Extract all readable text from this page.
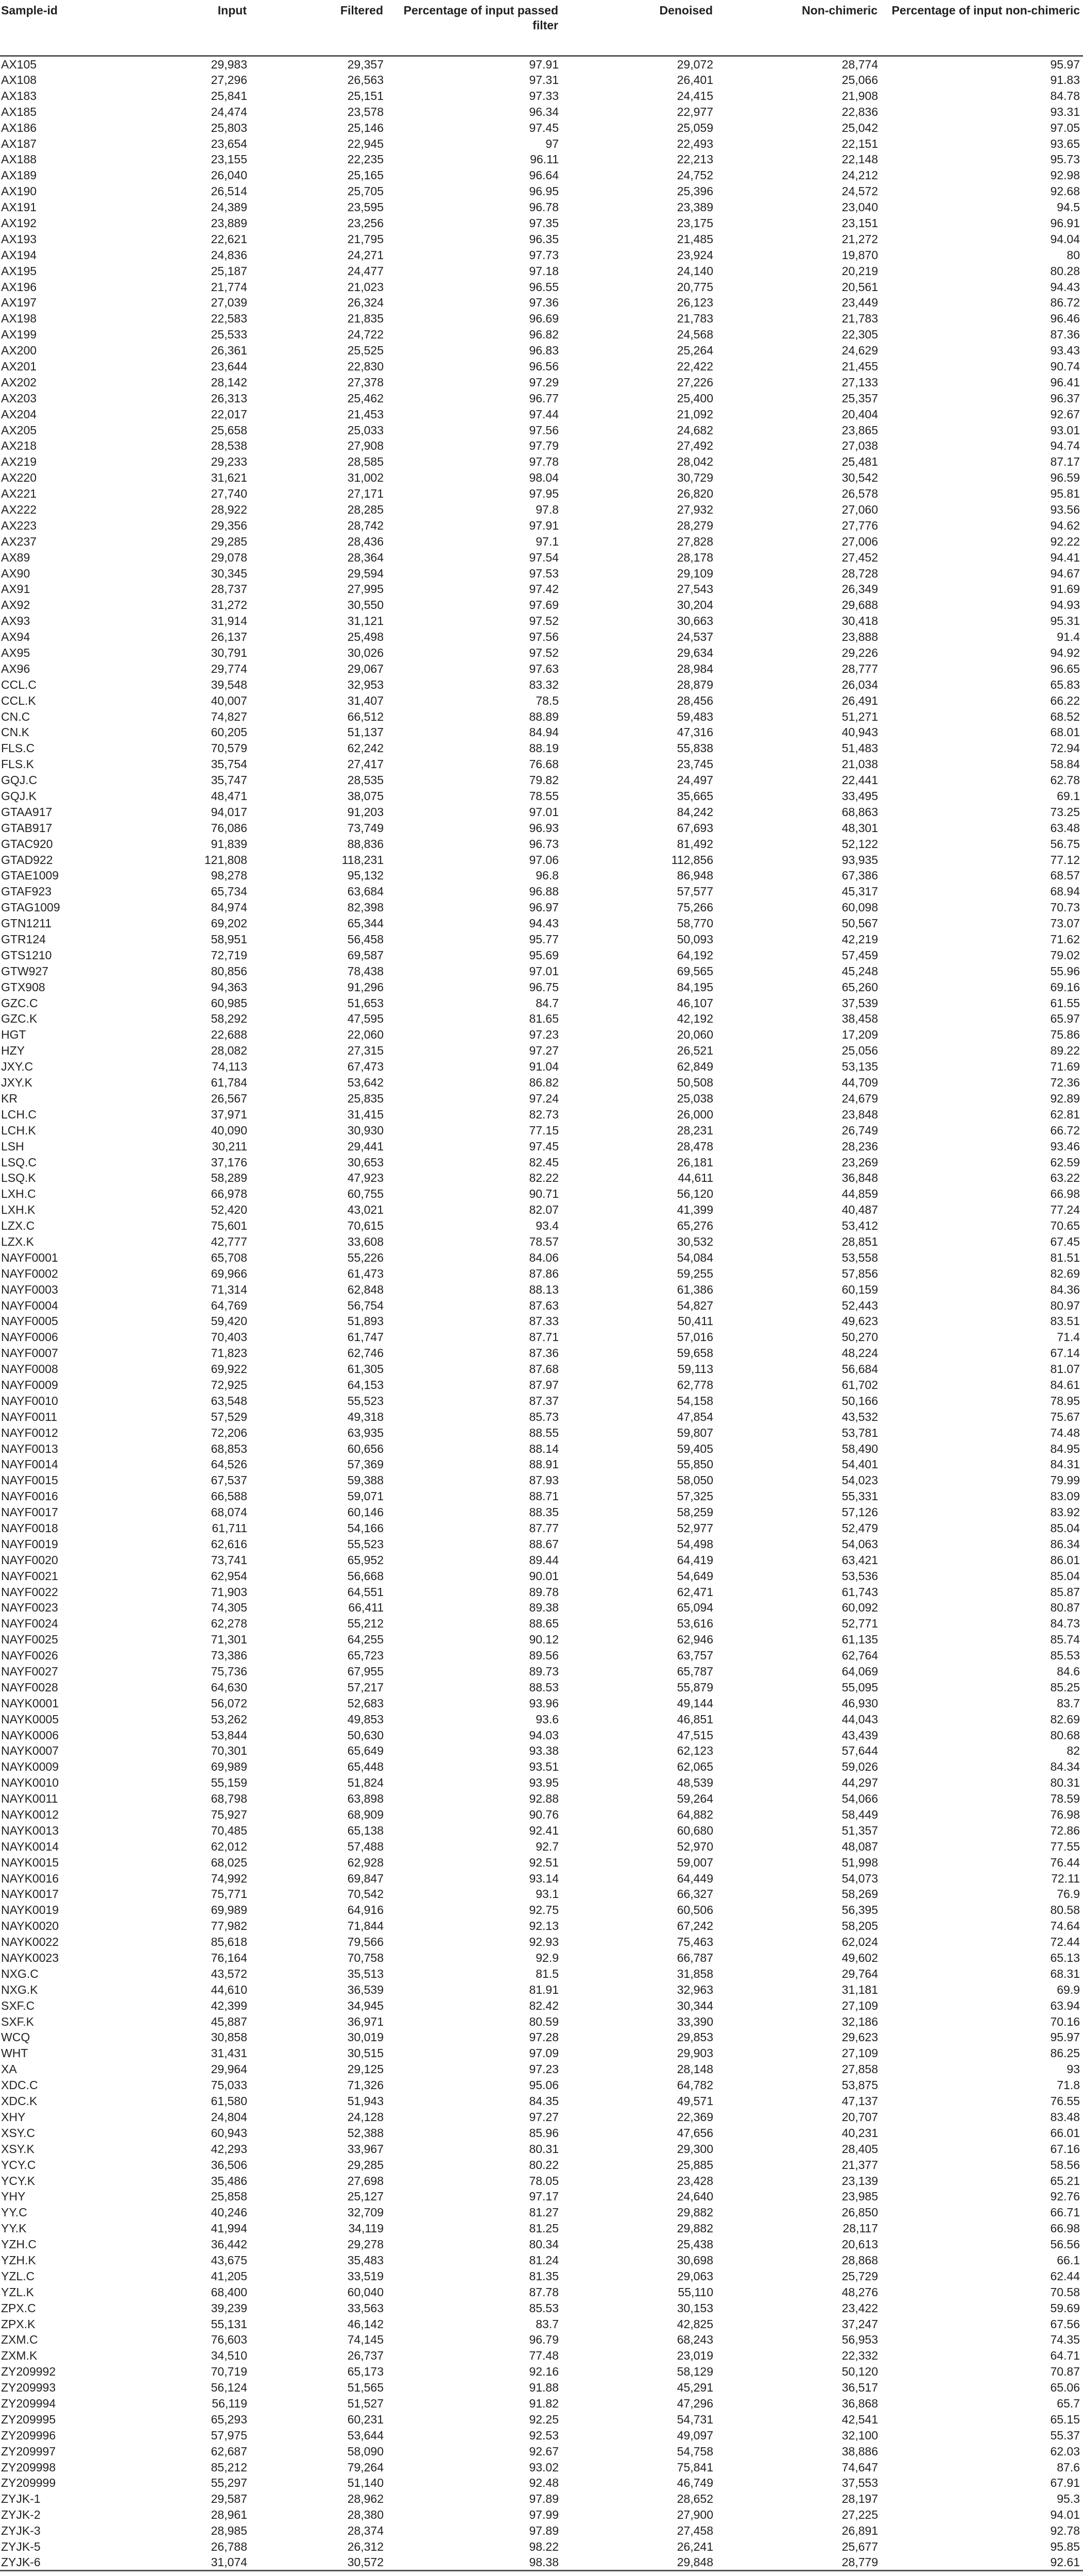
Sample-id	Input	Filtered	Percentage of input passed filter	Denoised	Non-chimeric	Percentage of input non-chimeric
AX105	29,983	29,357	97.91	29,072	28,774	95.97
AX108	27,296	26,563	97.31	26,401	25,066	91.83
AX183	25,841	25,151	97.33	24,415	21,908	84.78
AX185	24,474	23,578	96.34	22,977	22,836	93.31
AX186	25,803	25,146	97.45	25,059	25,042	97.05
AX187	23,654	22,945	97	22,493	22,151	93.65
AX188	23,155	22,235	96.11	22,213	22,148	95.73
AX189	26,040	25,165	96.64	24,752	24,212	92.98
AX190	26,514	25,705	96.95	25,396	24,572	92.68
AX191	24,389	23,595	96.78	23,389	23,040	94.5
AX192	23,889	23,256	97.35	23,175	23,151	96.91
AX193	22,621	21,795	96.35	21,485	21,272	94.04
AX194	24,836	24,271	97.73	23,924	19,870	80
AX195	25,187	24,477	97.18	24,140	20,219	80.28
AX196	21,774	21,023	96.55	20,775	20,561	94.43
AX197	27,039	26,324	97.36	26,123	23,449	86.72
AX198	22,583	21,835	96.69	21,783	21,783	96.46
AX199	25,533	24,722	96.82	24,568	22,305	87.36
AX200	26,361	25,525	96.83	25,264	24,629	93.43
AX201	23,644	22,830	96.56	22,422	21,455	90.74
AX202	28,142	27,378	97.29	27,226	27,133	96.41
AX203	26,313	25,462	96.77	25,400	25,357	96.37
AX204	22,017	21,453	97.44	21,092	20,404	92.67
AX205	25,658	25,033	97.56	24,682	23,865	93.01
AX218	28,538	27,908	97.79	27,492	27,038	94.74
AX219	29,233	28,585	97.78	28,042	25,481	87.17
AX220	31,621	31,002	98.04	30,729	30,542	96.59
AX221	27,740	27,171	97.95	26,820	26,578	95.81
AX222	28,922	28,285	97.8	27,932	27,060	93.56
AX223	29,356	28,742	97.91	28,279	27,776	94.62
AX237	29,285	28,436	97.1	27,828	27,006	92.22
AX89	29,078	28,364	97.54	28,178	27,452	94.41
AX90	30,345	29,594	97.53	29,109	28,728	94.67
AX91	28,737	27,995	97.42	27,543	26,349	91.69
AX92	31,272	30,550	97.69	30,204	29,688	94.93
AX93	31,914	31,121	97.52	30,663	30,418	95.31
AX94	26,137	25,498	97.56	24,537	23,888	91.4
AX95	30,791	30,026	97.52	29,634	29,226	94.92
AX96	29,774	29,067	97.63	28,984	28,777	96.65
CCL.C	39,548	32,953	83.32	28,879	26,034	65.83
CCL.K	40,007	31,407	78.5	28,456	26,491	66.22
CN.C	74,827	66,512	88.89	59,483	51,271	68.52
CN.K	60,205	51,137	84.94	47,316	40,943	68.01
FLS.C	70,579	62,242	88.19	55,838	51,483	72.94
FLS.K	35,754	27,417	76.68	23,745	21,038	58.84
GQJ.C	35,747	28,535	79.82	24,497	22,441	62.78
GQJ.K	48,471	38,075	78.55	35,665	33,495	69.1
GTAA917	94,017	91,203	97.01	84,242	68,863	73.25
GTAB917	76,086	73,749	96.93	67,693	48,301	63.48
GTAC920	91,839	88,836	96.73	81,492	52,122	56.75
GTAD922	121,808	118,231	97.06	112,856	93,935	77.12
GTAE1009	98,278	95,132	96.8	86,948	67,386	68.57
GTAF923	65,734	63,684	96.88	57,577	45,317	68.94
GTAG1009	84,974	82,398	96.97	75,266	60,098	70.73
GTN1211	69,202	65,344	94.43	58,770	50,567	73.07
GTR124	58,951	56,458	95.77	50,093	42,219	71.62
GTS1210	72,719	69,587	95.69	64,192	57,459	79.02
GTW927	80,856	78,438	97.01	69,565	45,248	55.96
GTX908	94,363	91,296	96.75	84,195	65,260	69.16
GZC.C	60,985	51,653	84.7	46,107	37,539	61.55
GZC.K	58,292	47,595	81.65	42,192	38,458	65.97
HGT	22,688	22,060	97.23	20,060	17,209	75.86
HZY	28,082	27,315	97.27	26,521	25,056	89.22
JXY.C	74,113	67,473	91.04	62,849	53,135	71.69
JXY.K	61,784	53,642	86.82	50,508	44,709	72.36
KR	26,567	25,835	97.24	25,038	24,679	92.89
LCH.C	37,971	31,415	82.73	26,000	23,848	62.81
LCH.K	40,090	30,930	77.15	28,231	26,749	66.72
LSH	30,211	29,441	97.45	28,478	28,236	93.46
LSQ.C	37,176	30,653	82.45	26,181	23,269	62.59
LSQ.K	58,289	47,923	82.22	44,611	36,848	63.22
LXH.C	66,978	60,755	90.71	56,120	44,859	66.98
LXH.K	52,420	43,021	82.07	41,399	40,487	77.24
LZX.C	75,601	70,615	93.4	65,276	53,412	70.65
LZX.K	42,777	33,608	78.57	30,532	28,851	67.45
NAYF0001	65,708	55,226	84.06	54,084	53,558	81.51
NAYF0002	69,966	61,473	87.86	59,255	57,856	82.69
NAYF0003	71,314	62,848	88.13	61,386	60,159	84.36
NAYF0004	64,769	56,754	87.63	54,827	52,443	80.97
NAYF0005	59,420	51,893	87.33	50,411	49,623	83.51
NAYF0006	70,403	61,747	87.71	57,016	50,270	71.4
NAYF0007	71,823	62,746	87.36	59,658	48,224	67.14
NAYF0008	69,922	61,305	87.68	59,113	56,684	81.07
NAYF0009	72,925	64,153	87.97	62,778	61,702	84.61
NAYF0010	63,548	55,523	87.37	54,158	50,166	78.95
NAYF0011	57,529	49,318	85.73	47,854	43,532	75.67
NAYF0012	72,206	63,935	88.55	59,807	53,781	74.48
NAYF0013	68,853	60,656	88.14	59,405	58,490	84.95
NAYF0014	64,526	57,369	88.91	55,850	54,401	84.31
NAYF0015	67,537	59,388	87.93	58,050	54,023	79.99
NAYF0016	66,588	59,071	88.71	57,325	55,331	83.09
NAYF0017	68,074	60,146	88.35	58,259	57,126	83.92
NAYF0018	61,711	54,166	87.77	52,977	52,479	85.04
NAYF0019	62,616	55,523	88.67	54,498	54,063	86.34
NAYF0020	73,741	65,952	89.44	64,419	63,421	86.01
NAYF0021	62,954	56,668	90.01	54,649	53,536	85.04
NAYF0022	71,903	64,551	89.78	62,471	61,743	85.87
NAYF0023	74,305	66,411	89.38	65,094	60,092	80.87
NAYF0024	62,278	55,212	88.65	53,616	52,771	84.73
NAYF0025	71,301	64,255	90.12	62,946	61,135	85.74
NAYF0026	73,386	65,723	89.56	63,757	62,764	85.53
NAYF0027	75,736	67,955	89.73	65,787	64,069	84.6
NAYF0028	64,630	57,217	88.53	55,879	55,095	85.25
NAYK0001	56,072	52,683	93.96	49,144	46,930	83.7
NAYK0005	53,262	49,853	93.6	46,851	44,043	82.69
NAYK0006	53,844	50,630	94.03	47,515	43,439	80.68
NAYK0007	70,301	65,649	93.38	62,123	57,644	82
NAYK0009	69,989	65,448	93.51	62,065	59,026	84.34
NAYK0010	55,159	51,824	93.95	48,539	44,297	80.31
NAYK0011	68,798	63,898	92.88	59,264	54,066	78.59
NAYK0012	75,927	68,909	90.76	64,882	58,449	76.98
NAYK0013	70,485	65,138	92.41	60,680	51,357	72.86
NAYK0014	62,012	57,488	92.7	52,970	48,087	77.55
NAYK0015	68,025	62,928	92.51	59,007	51,998	76.44
NAYK0016	74,992	69,847	93.14	64,449	54,073	72.11
NAYK0017	75,771	70,542	93.1	66,327	58,269	76.9
NAYK0019	69,989	64,916	92.75	60,506	56,395	80.58
NAYK0020	77,982	71,844	92.13	67,242	58,205	74.64
NAYK0022	85,618	79,566	92.93	75,463	62,024	72.44
NAYK0023	76,164	70,758	92.9	66,787	49,602	65.13
NXG.C	43,572	35,513	81.5	31,858	29,764	68.31
NXG.K	44,610	36,539	81.91	32,963	31,181	69.9
SXF.C	42,399	34,945	82.42	30,344	27,109	63.94
SXF.K	45,887	36,971	80.59	33,390	32,186	70.16
WCQ	30,858	30,019	97.28	29,853	29,623	95.97
WHT	31,431	30,515	97.09	29,903	27,109	86.25
XA	29,964	29,125	97.23	28,148	27,858	93
XDC.C	75,033	71,326	95.06	64,782	53,875	71.8
XDC.K	61,580	51,943	84.35	49,571	47,137	76.55
XHY	24,804	24,128	97.27	22,369	20,707	83.48
XSY.C	60,943	52,388	85.96	47,656	40,231	66.01
XSY.K	42,293	33,967	80.31	29,300	28,405	67.16
YCY.C	36,506	29,285	80.22	25,885	21,377	58.56
YCY.K	35,486	27,698	78.05	23,428	23,139	65.21
YHY	25,858	25,127	97.17	24,640	23,985	92.76
YY.C	40,246	32,709	81.27	29,882	26,850	66.71
YY.K	41,994	34,119	81.25	29,882	28,117	66.98
YZH.C	36,442	29,278	80.34	25,438	20,613	56.56
YZH.K	43,675	35,483	81.24	30,698	28,868	66.1
YZL.C	41,205	33,519	81.35	29,063	25,729	62.44
YZL.K	68,400	60,040	87.78	55,110	48,276	70.58
ZPX.C	39,239	33,563	85.53	30,153	23,422	59.69
ZPX.K	55,131	46,142	83.7	42,825	37,247	67.56
ZXM.C	76,603	74,145	96.79	68,243	56,953	74.35
ZXM.K	34,510	26,737	77.48	23,019	22,332	64.71
ZY209992	70,719	65,173	92.16	58,129	50,120	70.87
ZY209993	56,124	51,565	91.88	45,291	36,517	65.06
ZY209994	56,119	51,527	91.82	47,296	36,868	65.7
ZY209995	65,293	60,231	92.25	54,731	42,541	65.15
ZY209996	57,975	53,644	92.53	49,097	32,100	55.37
ZY209997	62,687	58,090	92.67	54,758	38,886	62.03
ZY209998	85,212	79,264	93.02	75,841	74,647	87.6
ZY209999	55,297	51,140	92.48	46,749	37,553	67.91
ZYJK-1	29,587	28,962	97.89	28,652	28,197	95.3
ZYJK-2	28,961	28,380	97.99	27,900	27,225	94.01
ZYJK-3	28,985	28,374	97.89	27,458	26,891	92.78
ZYJK-5	26,788	26,312	98.22	26,241	25,677	95.85
ZYJK-6	31,074	30,572	98.38	29,848	28,779	92.61
